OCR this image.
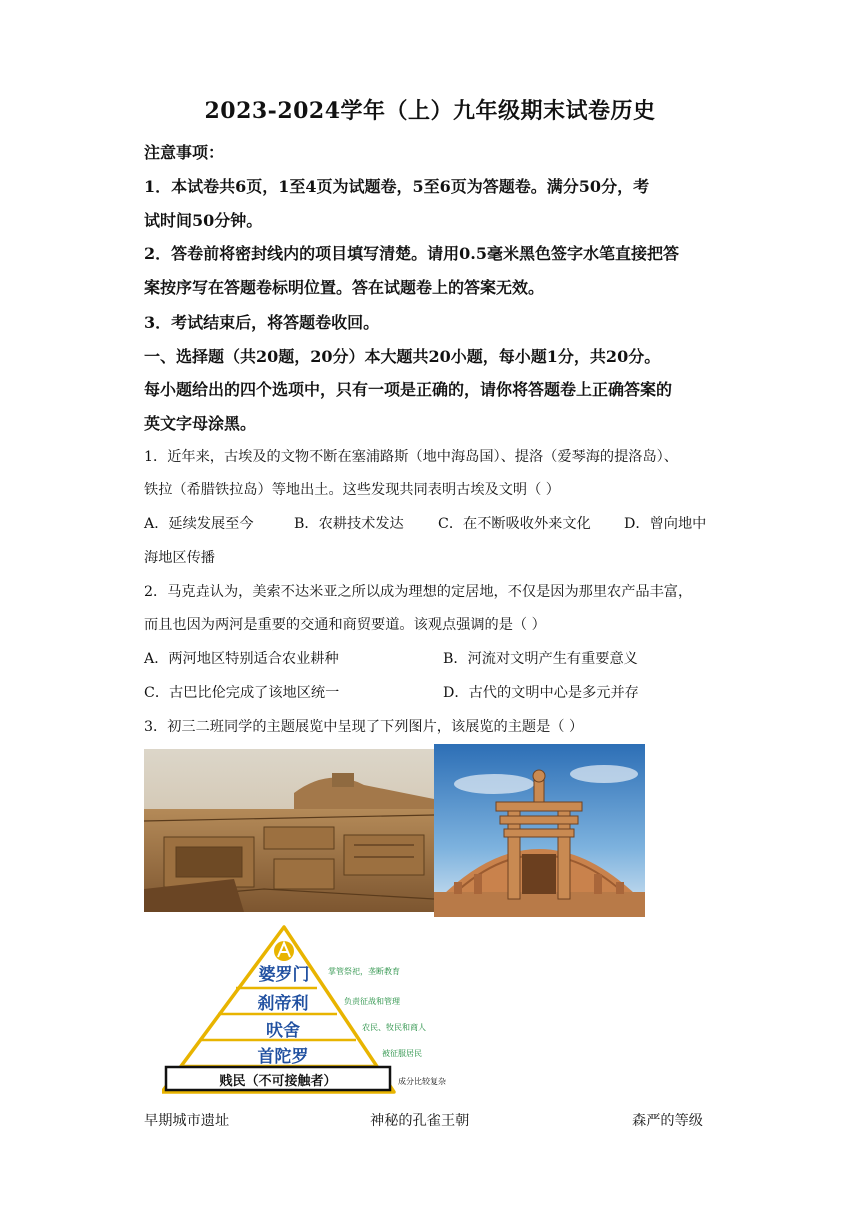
2023-2024学年（上）九年级期末试卷历史
注意事项：
1．本试卷共6页，1至4页为试题卷，5至6页为答题卷。满分50分，考
试时间50分钟。
2．答卷前将密封线内的项目填写清楚。请用0.5毫米黑色签字水笔直接把答
案按序写在答题卷标明位置。答在试题卷上的答案无效。
3．考试结束后，将答题卷收回。
一、选择题（共20题，20分）本大题共20小题，每小题1分，共20分。
每小题给出的四个选项中，只有一项是正确的，请你将答题卷上正确答案的
英文字母涂黑。
1．近年来，古埃及的文物不断在塞浦路斯（地中海岛国）、提洛（爱琴海的提洛岛）、
铁拉（希腊铁拉岛）等地出土。这些发现共同表明古埃及文明（ ）
A．延续发展至今	B．农耕技术发达 C．在不断吸收外来文化 D．曾向地中
海地区传播
2．马克垚认为，美索不达米亚之所以成为理想的定居地，不仅是因为那里农产品丰富，
而且也因为两河是重要的交通和商贸要道。该观点强调的是（ ）
A．两河地区特别适合农业耕种	B．河流对文明产生有重要意义
C．古巴比伦完成了该地区统一	D．古代的文明中心是多元并存
3．初三二班同学的主题展览中呈现了下列图片，该展览的主题是（ ）
婆罗门
刹帝利
吠舍
首陀罗
贱民（不可接触者）
掌管祭祀，垄断教育
负责征战和管理
农民、牧民和商人
被征服居民
成分比较复杂
早期城市遗址	神秘的孔雀王朝	森严的等级
